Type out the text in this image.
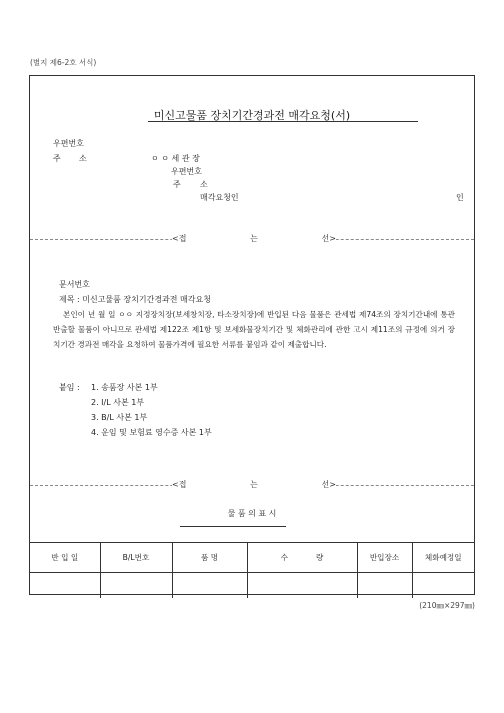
(별지 제6-2호 서식)
미신고물품 장치기간경과전 매각요청(서)
우편번호
주 소	ㅇ ㅇ 세 관 장
우편번호
주 소
매각요청인	인
<접	는	선>
문서번호
제목 : 미신고물품 장치기간경과전 매각요청
본인이 년 월 일 ㅇㅇ 지정장치장(보세창치장, 타소장치장)에 반입된 다음 물품은 관세법 제74조의 장치기간내에 통관반출할 물품이 아니므로 관세법 제122조 제1항 및 보세화물장치기간 및 체화관리에 관한 고시 제11조의 규정에 의거 장치기간 경과전 매각을 요청하여 물품가격에 필요한 서류를 붙임과 같이 제출합니다.
붙임 : 1. 송품장 사본 1부
2. I/L 사본 1부
3. B/L 사본 1부
4. 운임 및 보험료 영수증 사본 1부
<접	는	선>
물 품 의 표 시
반 입 일	B/L번호	품 명	수	량	반입장소	체화예정일

(210㎜×297㎜)
